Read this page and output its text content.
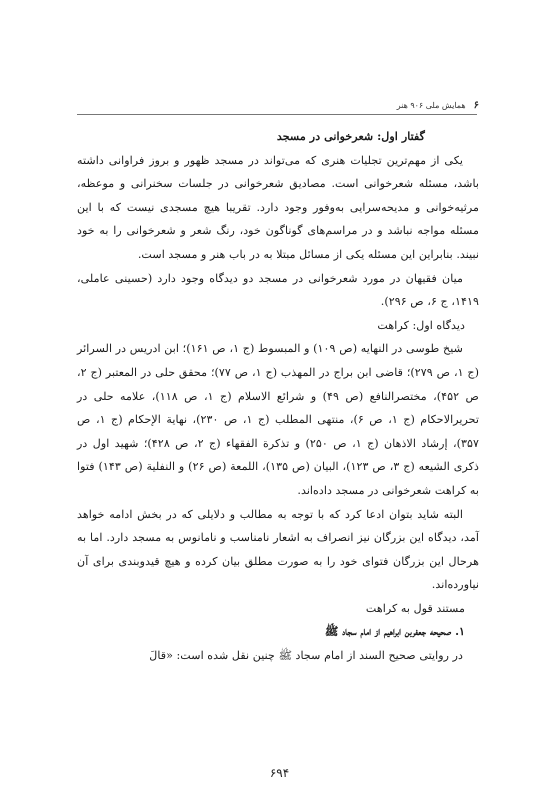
۶
همایش ملی ۹۰۶ هنر

گفتار اول: شعرخوانی در مسجد

یکی از مهم‌ترین تجلیات هنری که می‌تواند در مسجد ظهور و بروز فراوانی داشته باشد، مسئله شعرخوانی است. مصادیق شعرخوانی در جلسات سخنرانی و موعظه، مرثیه‌خوانی و مدیحه‌سرایی به‌وفور وجود دارد. تقریبا هیچ مسجدی نیست که با این مسئله مواجه نباشد و در مراسم‌های گوناگون خود، رنگ شعر و شعرخوانی را به خود نبیند. بنابراین این مسئله یکی از مسائل مبتلا به در باب هنر و مسجد است.

میان فقیهان در مورد شعرخوانی در مسجد دو دیدگاه وجود دارد (حسینی عاملی، ۱۴۱۹، ج ۶، ص ۲۹۶).

دیدگاه اول: کراهت

شیخ طوسی در النهایه (ص ۱۰۹) و المبسوط (ج ۱، ص ۱۶۱)؛ ابن ادریس در السرائر (ج ۱، ص ۲۷۹)؛ قاضی ابن براج در المهذب (ج ۱، ص ۷۷)؛ محقق حلی در المعتبر (ج ۲، ص ۴۵۲)، مختصرالنافع (ص ۴۹) و شرائع الاسلام (ج ۱، ص ۱۱۸)، علامه حلی در تحریرالاحکام (ج ۱، ص ۶)، منتهی المطلب (ج ۱، ص ۲۳۰)، نهایة الإحکام (ج ۱، ص ۳۵۷)، إرشاد الاذهان (ج ۱، ص ۲۵۰) و تذکرة الفقهاء (ج ۲، ص ۴۲۸)؛ شهید اول در ذکری الشیعه (ج ۳، ص ۱۲۳)، البیان (ص ۱۳۵)، اللمعة (ص ۲۶) و النفلیة (ص ۱۴۳) فتوا به کراهت شعرخوانی در مسجد داده‌اند.

البته شاید بتوان ادعا کرد که با توجه به مطالب و دلایلی که در بخش ادامه خواهد آمد، دیدگاه این بزرگان نیز انصراف به اشعار نامناسب و نامانوس به مسجد دارد. اما به هرحال این بزرگان فتوای خود را به صورت مطلق بیان کرده و هیچ قیدوبندی برای آن نیاورده‌اند.

مستند قول به کراهت

۱. صحیحه جعفربن ابراهیم از امام سجاد ﷺ

در روایتی صحیح السند از امام سجاد ﷺ چنین نقل شده است: «قالَ

۶۹۴
